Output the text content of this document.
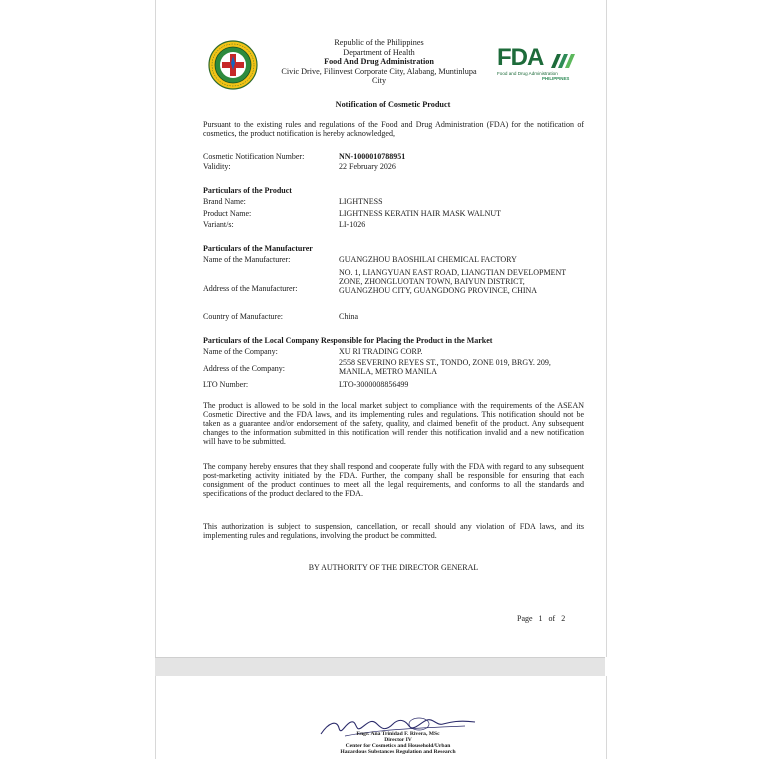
Republic of the Philippines
Department of Health
Food And Drug Administration
Civic Drive, Filinvest Corporate City, Alabang, Muntinlupa
City
FDA
Food and Drug Administration
PHILIPPINES
Notification of Cosmetic Product
Pursuant to the existing rules and regulations of the Food and Drug Administration (FDA) for the notification of cosmetics, the product notification is hereby acknowledged,
Cosmetic Notification Number:	NN-1000010788951
Validity:	22 February 2026
Particulars of the Product
Brand Name:	LIGHTNESS
Product Name:	LIGHTNESS KERATIN HAIR MASK WALNUT
Variant/s:	LI-1026
Particulars of the Manufacturer
Name of the Manufacturer:	GUANGZHOU BAOSHILAI CHEMICAL FACTORY
Address of the Manufacturer:
NO. 1, LIANGYUAN EAST ROAD, LIANGTIAN DEVELOPMENT ZONE, ZHONGLUOTAN TOWN, BAIYUN DISTRICT, GUANGZHOU CITY, GUANGDONG PROVINCE, CHINA
Country of Manufacture:	China
Particulars of the Local Company Responsible for Placing the Product in the Market
Name of the Company:	XU RI TRADING CORP.
Address of the Company:
2558 SEVERINO REYES ST., TONDO, ZONE 019, BRGY. 209, MANILA, METRO MANILA
LTO Number:	LTO-3000008856499
The product is allowed to be sold in the local market subject to compliance with the requirements of the ASEAN Cosmetic Directive and the FDA laws, and its implementing rules and regulations. This notification should not be taken as a guarantee and/or endorsement of the safety, quality, and claimed benefit of the product. Any subsequent changes to the information submitted in this notification will render this notification invalid and a new notification will have to be submitted.
The company hereby ensures that they shall respond and cooperate fully with the FDA with regard to any subsequent post-marketing activity initiated by the FDA. Further, the company shall be responsible for ensuring that each consignment of the product continues to meet all the legal requirements, and conforms to all the standards and specifications of the product declared to the FDA.
This authorization is subject to suspension, cancellation, or recall should any violation of FDA laws, and its implementing rules and regulations, involving the product be committed.
BY AUTHORITY OF THE DIRECTOR GENERAL
Page   1   of   2
Engr. Ana Trinidad F. Rivera, MSc
Director IV
Center for Cosmetics and Household/Urban
Hazardous Substances Regulation and Research
